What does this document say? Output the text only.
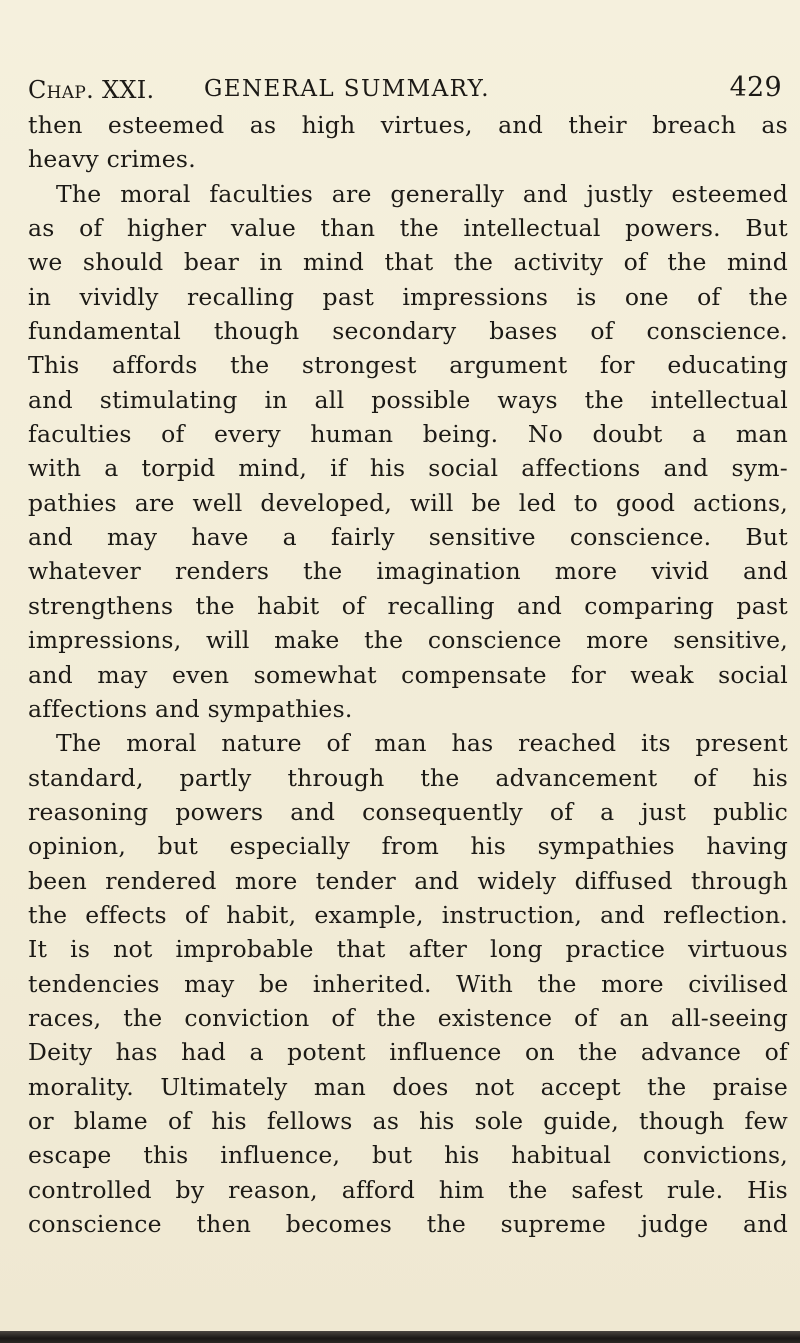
Chap. XXI. GENERAL SUMMARY.	429
then esteemed as high virtues, and their breach as
heavy crimes.
The moral faculties are generally and justly esteemed
as of higher value than the intellectual powers. But
we should bear in mind that the activity of the mind
in vividly recalling past impressions is one of the
fundamental though secondary bases of conscience.
This affords the strongest argument for educating
and stimulating in all possible ways the intellectual
faculties of every human being. No doubt a man
with a torpid mind, if his social affections and sym-
pathies are well developed, will be led to good actions,
and may have a fairly sensitive conscience. But
whatever renders the imagination more vivid and
strengthens the habit of recalling and comparing past
impressions, will make the conscience more sensitive,
and may even somewhat compensate for weak social
affections and sympathies.
The moral nature of man has reached its present
standard, partly through the advancement of his
reasoning powers and consequently of a just public
opinion, but especially from his sympathies having
been rendered more tender and widely diffused through
the effects of habit, example, instruction, and reflection.
It is not improbable that after long practice virtuous
tendencies may be inherited. With the more civilised
races, the conviction of the existence of an all-seeing
Deity has had a potent influence on the advance of
morality. Ultimately man does not accept the praise
or blame of his fellows as his sole guide, though few
escape this influence, but his habitual convictions,
controlled by reason, afford him the safest rule. His
conscience then becomes the supreme judge and
